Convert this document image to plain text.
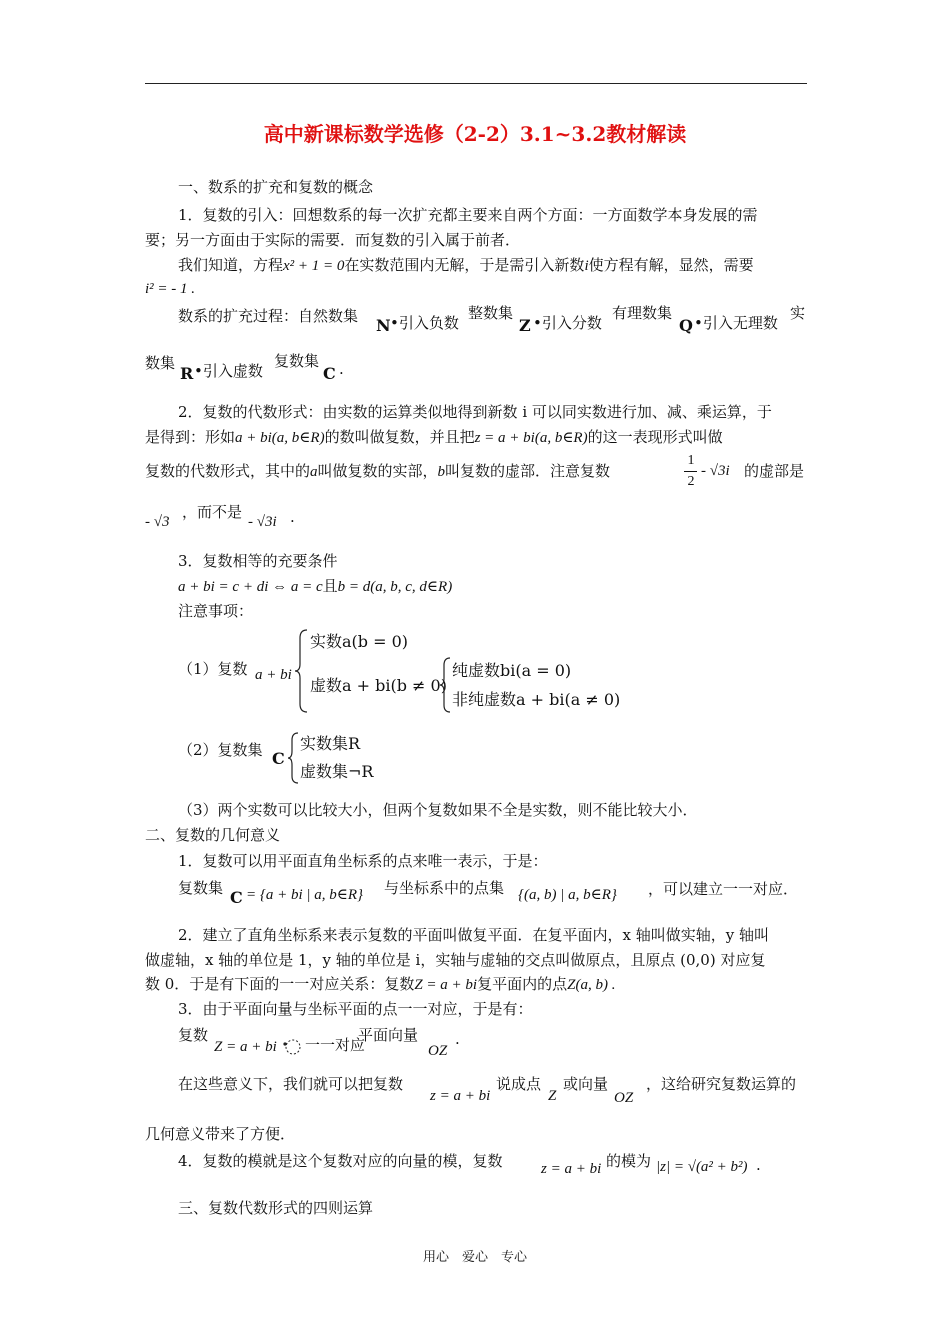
高中新课标数学选修（2-2）3.1~3.2教材解读
一、数系的扩充和复数的概念
1．复数的引入：回想数系的每一次扩充都主要来自两个方面：一方面数学本身发展的需
要；另一方面由于实际的需要．而复数的引入属于前者．
我们知道，方程x² + 1 = 0在实数范围内无解，于是需引入新数i使方程有解，显然，需要
i² = - 1 .
数系的扩充过程：自然数集 N •引入负数
整数集
Z •引入分数
有理数集
Q •引入无理数
实
数集
R •引入虚数
复数集
C .
2．复数的代数形式：由实数的运算类似地得到新数 i 可以同实数进行加、减、乘运算，于
是得到：形如a + bi(a, b∈R)的数叫做复数，并且把z = a + bi(a, b∈R)的这一表现形式叫做
复数的代数形式，其中的a叫做复数的实部，b叫复数的虚部．注意复数
1
2
- √3i 的虚部是
- √3
，而不是
- √3i .
3．复数相等的充要条件
a + bi = c + di ⇔ a = c且b = d(a, b, c, d∈R)
注意事项：
（1）复数 a + bi
实数a(b = 0)
虚数a + bi(b ≠ 0)
纯虚数bi(a = 0)
非纯虚数a + bi(a ≠ 0)
（2）复数集 C
实数集R
虚数集¬R
（3）两个实数可以比较大小，但两个复数如果不全是实数，则不能比较大小．
二、复数的几何意义
1．复数可以用平面直角坐标系的点来唯一表示，于是：
复数集 C = {a + bi | a, b∈R} 与坐标系中的点集 {(a, b) | a, b∈R} ，可以建立一一对应．
2．建立了直角坐标系来表示复数的平面叫做复平面．在复平面内，x 轴叫做实轴，y 轴叫
做虚轴，x 轴的单位是 1，y 轴的单位是 i，实轴与虚轴的交点叫做原点，且原点 (0,0) 对应复
数 0．于是有下面的一一对应关系：复数Z = a + bi复平面内的点Z(a, b) .
3．由于平面向量与坐标平面的点一一对应，于是有：
复数
Z = a + bi 一一对应
平面向量
OZ
.
在这些意义下，我们就可以把复数
z = a + bi
说成点
Z
或向量
OZ
，这给研究复数运算的
几何意义带来了方便．
4．复数的模就是这个复数对应的向量的模，复数	z = a + bi 的模为 |z| = √(a² + b²) .
三、复数代数形式的四则运算
用心　爱心　专心
